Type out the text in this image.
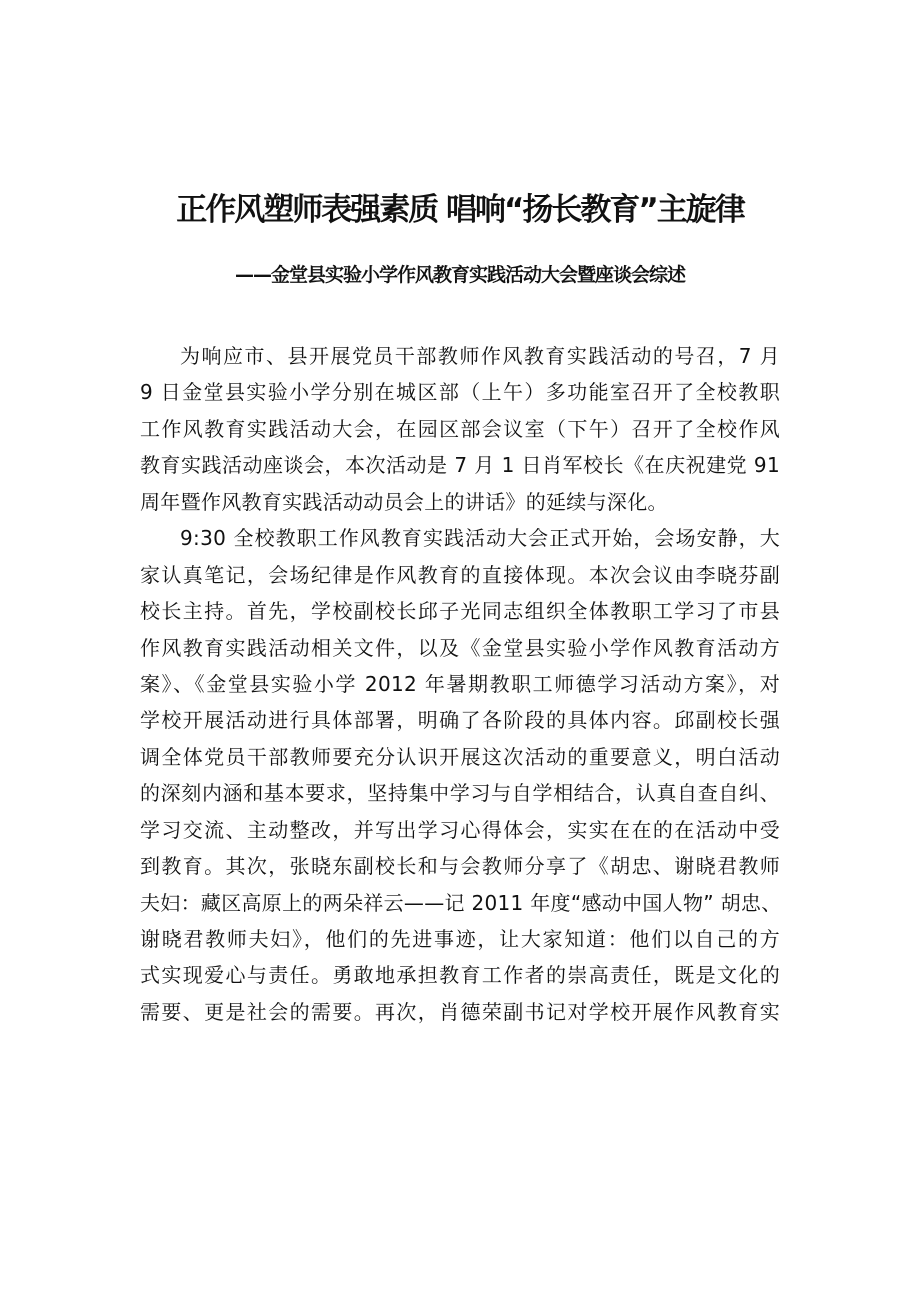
正作风塑师表强素质 唱响“扬长教育”主旋律
——金堂县实验小学作风教育实践活动大会暨座谈会综述
为响应市、县开展党员干部教师作风教育实践活动的号召，7 月
9 日金堂县实验小学分别在城区部（上午）多功能室召开了全校教职
工作风教育实践活动大会，在园区部会议室（下午）召开了全校作风
教育实践活动座谈会，本次活动是 7 月 1 日肖军校长《在庆祝建党 91
周年暨作风教育实践活动动员会上的讲话》的延续与深化。
9:30 全校教职工作风教育实践活动大会正式开始，会场安静，大
家认真笔记，会场纪律是作风教育的直接体现。本次会议由李晓芬副
校长主持。首先，学校副校长邱子光同志组织全体教职工学习了市县
作风教育实践活动相关文件，以及《金堂县实验小学作风教育活动方
案》、《金堂县实验小学 2012 年暑期教职工师德学习活动方案》，对
学校开展活动进行具体部署，明确了各阶段的具体内容。邱副校长强
调全体党员干部教师要充分认识开展这次活动的重要意义，明白活动
的深刻内涵和基本要求，坚持集中学习与自学相结合，认真自查自纠、
学习交流、主动整改，并写出学习心得体会，实实在在的在活动中受
到教育。其次，张晓东副校长和与会教师分享了《胡忠、谢晓君教师
夫妇：藏区高原上的两朵祥云——记 2011 年度“感动中国人物” 胡忠、
谢晓君教师夫妇》，他们的先进事迹，让大家知道：他们以自己的方
式实现爱心与责任。勇敢地承担教育工作者的崇高责任，既是文化的
需要、更是社会的需要。再次，肖德荣副书记对学校开展作风教育实
